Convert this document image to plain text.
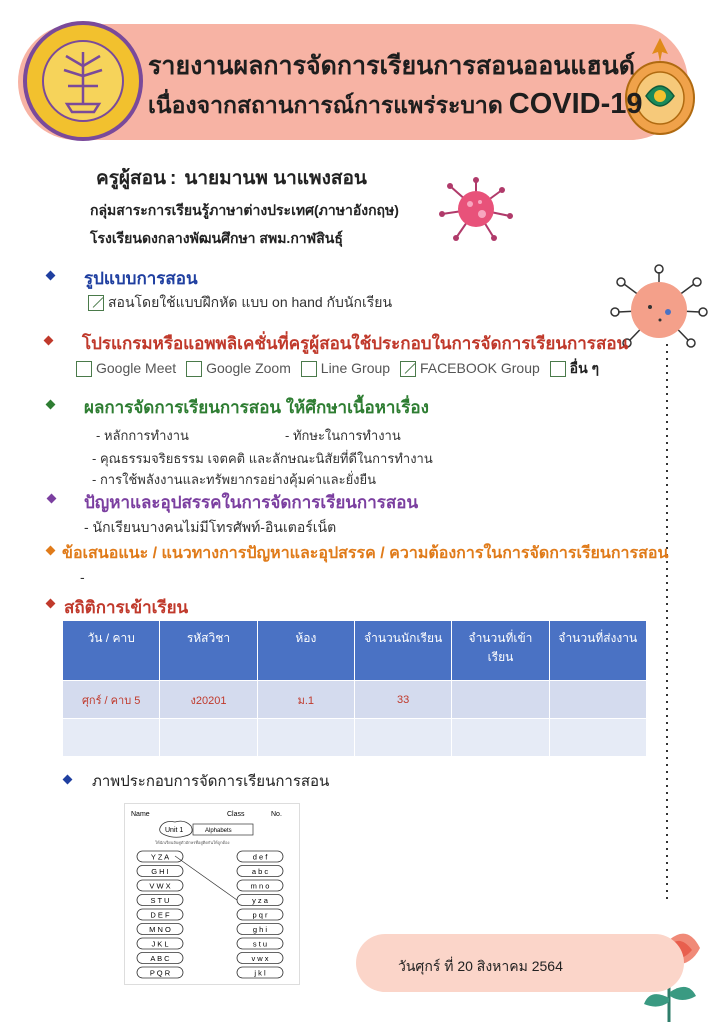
รายงานผลการจัดการเรียนการสอนออนแฮนด์
เนื่องจากสถานการณ์การแพร่ระบาด COVID-19
ครูผู้สอน : นายมานพ นาแพงสอน
กลุ่มสาระการเรียนรู้ภาษาต่างประเทศ(ภาษาอังกฤษ)
โรงเรียนดงกลางพัฒนศึกษา สพม.กาฬสินธุ์
รูปแบบการสอน
สอนโดยใช้แบบฝึกหัด แบบ on hand กับนักเรียน
โปรแกรมหรือแอพพลิเคชั่นที่ครูผู้สอนใช้ประกอบในการจัดการเรียนการสอน
Google Meet Google Zoom Line Group FACEBOOK Group อื่น ๆ
ผลการจัดการเรียนการสอน ให้ศึกษาเนื้อหาเรื่อง
- หลักการทำงาน	- ทักษะในการทำงาน
- คุณธรรมจริยธรรม เจตคติ และลักษณะนิสัยที่ดีในการทำงาน
- การใช้พลังงานและทรัพยากรอย่างคุ้มค่าและยั่งยืน
ปัญหาและอุปสรรคในการจัดการเรียนการสอน
- นักเรียนบางคนไม่มีโทรศัพท์-อินเตอร์เน็ต
ข้อเสนอแนะ / แนวทางการปัญหาและอุปสรรค / ความต้องการในการจัดการเรียนการสอน
-
สถิติการเข้าเรียน
วัน / คาบ	รหัสวิชา	ห้อง	จำนวนนักเรียน	จำนวนที่เข้าเรียน	จำนวนที่ส่งงาน
ศุกร์ / คาบ 5	ง20201	ม.1	33		

ภาพประกอบการจัดการเรียนการสอน
Name	Class	No.
Unit 1	Alphabets
ให้นักเรียนจับคู่ตัวอักษรที่อยู่ติดกันให้ถูกต้อง
Y Z A
G H I
V W X
S T U
D E F
M N O
J K L
A B C
P Q R
d e f
a b c
m n o
y z a
p q r
g h i
s t u
v w x
j k l	วันศุกร์ ที่ 20 สิงหาคม 2564
